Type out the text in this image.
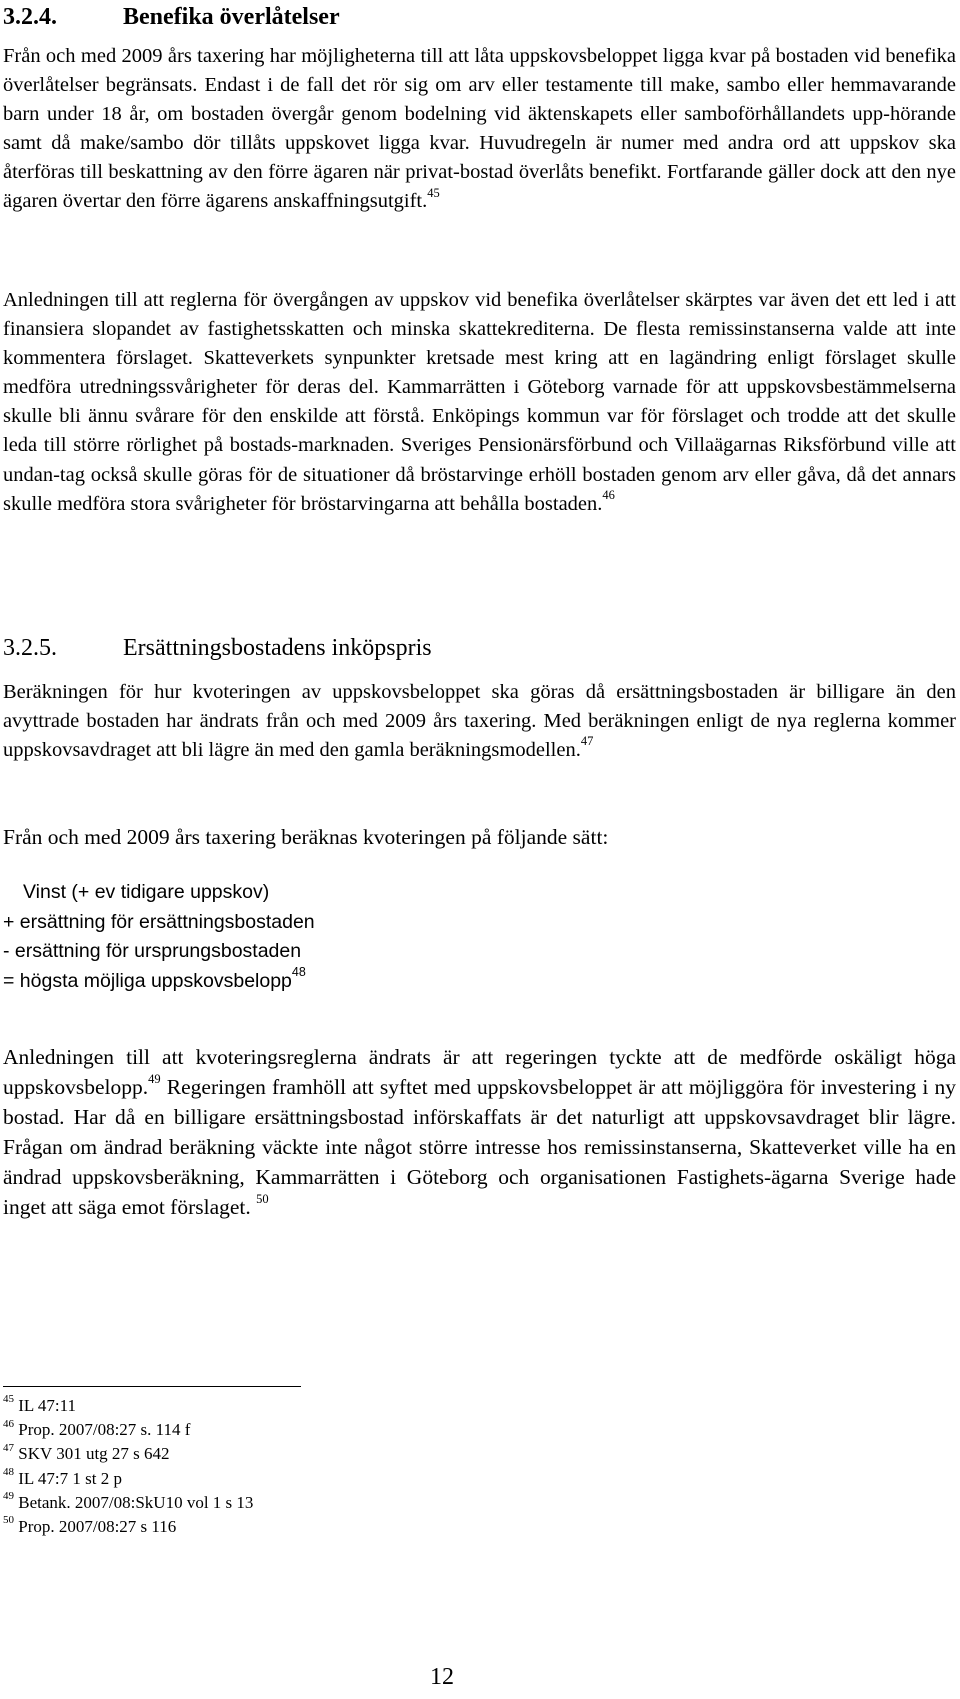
3.2.4.	Benefika överlåtelser

Från och med 2009 års taxering har möjligheterna till att låta uppskovsbeloppet ligga kvar på bostaden vid benefika överlåtelser begränsats. Endast i de fall det rör sig om arv eller testamente till make, sambo eller hemmavarande barn under 18 år, om bostaden övergår genom bodelning vid äktenskapets eller samboförhållandets upp-hörande samt då make/sambo dör tillåts uppskovet ligga kvar. Huvudregeln är numer med andra ord att uppskov ska återföras till beskattning av den förre ägaren när privat-bostad överlåts benefikt. Fortfarande gäller dock att den nye ägaren övertar den förre ägarens anskaffningsutgift.$^{45}$

Anledningen till att reglerna för övergången av uppskov vid benefika överlåtelser skärptes var även det ett led i att finansiera slopandet av fastighetsskatten och minska skattekrediterna. De flesta remissinstanserna valde att inte kommentera förslaget. Skatteverkets synpunkter kretsade mest kring att en lagändring enligt förslaget skulle medföra utredningssvårigheter för deras del. Kammarrätten i Göteborg varnade för att uppskovsbestämmelserna skulle bli ännu svårare för den enskilde att förstå. Enköpings kommun var för förslaget och trodde att det skulle leda till större rörlighet på bostads-marknaden. Sveriges Pensionärsförbund och Villaägarnas Riksförbund ville att undan-tag också skulle göras för de situationer då bröstarvinge erhöll bostaden genom arv eller gåva, då det annars skulle medföra stora svårigheter för bröstarvingarna att behålla bostaden.$^{46}$

3.2.5.	Ersättningsbostadens inköpspris

Beräkningen för hur kvoteringen av uppskovsbeloppet ska göras då ersättningsbostaden är billigare än den avyttrade bostaden har ändrats från och med 2009 års taxering. Med beräkningen enligt de nya reglerna kommer uppskovsavdraget att bli lägre än med den gamla beräkningsmodellen.$^{47}$

Från och med 2009 års taxering beräknas kvoteringen på följande sätt:

Vinst (+ ev tidigare uppskov)
+ ersättning för ersättningsbostaden
- ersättning för ursprungsbostaden
= högsta möjliga uppskovsbelopp$^{48}$

Anledningen till att kvoteringsreglerna ändrats är att regeringen tyckte att de medförde oskäligt höga uppskovsbelopp.$^{49}$ Regeringen framhöll att syftet med uppskovsbeloppet är att möjliggöra för investering i ny bostad. Har då en billigare ersättningsbostad införskaffats är det naturligt att uppskovsavdraget blir lägre. Frågan om ändrad beräkning väckte inte något större intresse hos remissinstanserna, Skatteverket ville ha en ändrad uppskovsberäkning, Kammarrätten i Göteborg och organisationen Fastighets-ägarna Sverige hade inget att säga emot förslaget. $^{50}$

$^{45}$ IL 47:11
$^{46}$ Prop. 2007/08:27 s. 114 f
$^{47}$ SKV 301 utg 27 s 642
$^{48}$ IL 47:7 1 st 2 p
$^{49}$ Betank. 2007/08:SkU10 vol 1 s 13
$^{50}$ Prop. 2007/08:27 s 116
12
